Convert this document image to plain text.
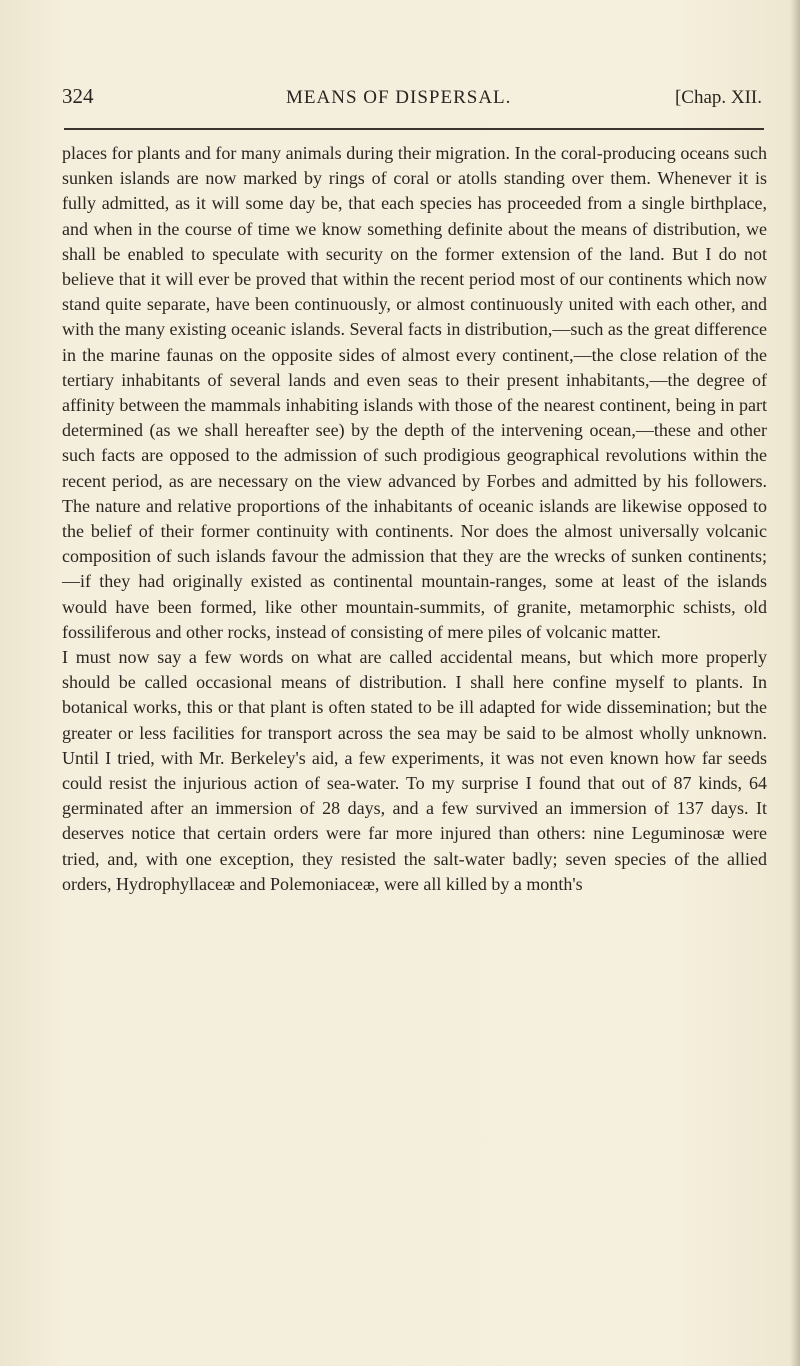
324	MEANS OF DISPERSAL.	[Chap. XII.

places for plants and for many animals during their migration. In the coral-producing oceans such sunken islands are now marked by rings of coral or atolls standing over them. Whenever it is fully admitted, as it will some day be, that each species has proceeded from a single birthplace, and when in the course of time we know something definite about the means of distribution, we shall be enabled to speculate with security on the former extension of the land. But I do not believe that it will ever be proved that within the recent period most of our continents which now stand quite separate, have been continuously, or almost continuously united with each other, and with the many existing oceanic islands. Several facts in distribution,—such as the great difference in the marine faunas on the opposite sides of almost every continent,—the close relation of the tertiary inhabitants of several lands and even seas to their present inhabitants,—the degree of affinity between the mammals inhabiting islands with those of the nearest continent, being in part determined (as we shall hereafter see) by the depth of the intervening ocean,—these and other such facts are opposed to the admission of such prodigious geographical revolutions within the recent period, as are necessary on the view advanced by Forbes and admitted by his followers. The nature and relative proportions of the inhabitants of oceanic islands are likewise opposed to the belief of their former continuity with continents. Nor does the almost universally volcanic composition of such islands favour the admission that they are the wrecks of sunken continents;—if they had originally existed as continental mountain-ranges, some at least of the islands would have been formed, like other mountain-summits, of granite, metamorphic schists, old fossiliferous and other rocks, instead of consisting of mere piles of volcanic matter.

I must now say a few words on what are called accidental means, but which more properly should be called occasional means of distribution. I shall here confine myself to plants. In botanical works, this or that plant is often stated to be ill adapted for wide dissemination; but the greater or less facilities for transport across the sea may be said to be almost wholly unknown. Until I tried, with Mr. Berkeley's aid, a few experiments, it was not even known how far seeds could resist the injurious action of sea-water. To my surprise I found that out of 87 kinds, 64 germinated after an immersion of 28 days, and a few survived an immersion of 137 days. It deserves notice that certain orders were far more injured than others: nine Leguminosæ were tried, and, with one exception, they resisted the salt-water badly; seven species of the allied orders, Hydrophyllaceæ and Polemoniaceæ, were all killed by a month's
